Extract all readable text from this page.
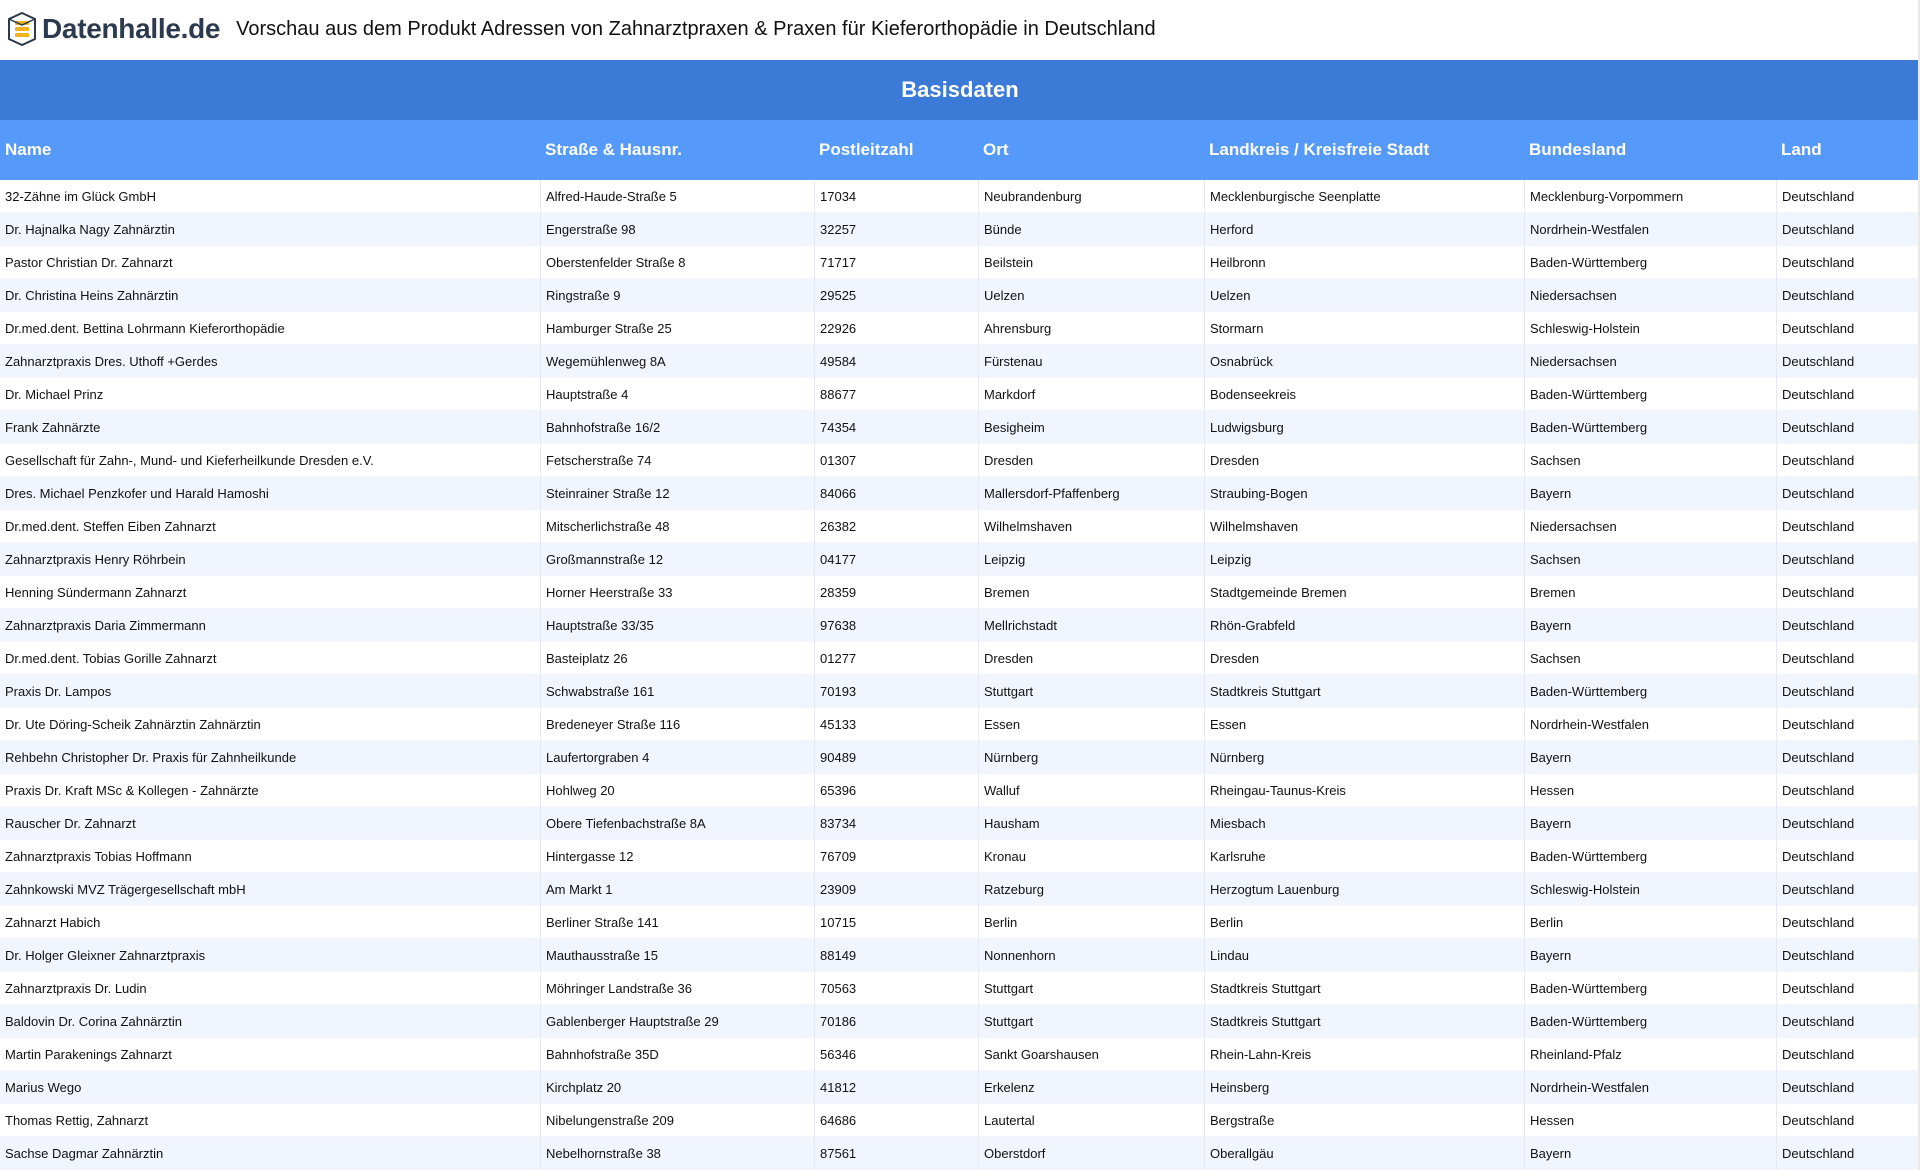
Datenhalle.de Vorschau aus dem Produkt Adressen von Zahnarztpraxen & Praxen für Kieferorthopädie in Deutschland
Basisdaten
Name	Straße & Hausnr.	Postleitzahl	Ort	Landkreis / Kreisfreie Stadt	Bundesland	Land
32-Zähne im Glück GmbH	Alfred-Haude-Straße 5	17034	Neubrandenburg	Mecklenburgische Seenplatte	Mecklenburg-Vorpommern	Deutschland
Dr. Hajnalka Nagy Zahnärztin	Engerstraße 98	32257	Bünde	Herford	Nordrhein-Westfalen	Deutschland
Pastor Christian Dr. Zahnarzt	Oberstenfelder Straße 8	71717	Beilstein	Heilbronn	Baden-Württemberg	Deutschland
Dr. Christina Heins Zahnärztin	Ringstraße 9	29525	Uelzen	Uelzen	Niedersachsen	Deutschland
Dr.med.dent. Bettina Lohrmann Kieferorthopädie	Hamburger Straße 25	22926	Ahrensburg	Stormarn	Schleswig-Holstein	Deutschland
Zahnarztpraxis Dres. Uthoff +Gerdes	Wegemühlenweg 8A	49584	Fürstenau	Osnabrück	Niedersachsen	Deutschland
Dr. Michael Prinz	Hauptstraße 4	88677	Markdorf	Bodenseekreis	Baden-Württemberg	Deutschland
Frank Zahnärzte	Bahnhofstraße 16/2	74354	Besigheim	Ludwigsburg	Baden-Württemberg	Deutschland
Gesellschaft für Zahn-, Mund- und Kieferheilkunde Dresden e.V.	Fetscherstraße 74	01307	Dresden	Dresden	Sachsen	Deutschland
Dres. Michael Penzkofer und Harald Hamoshi	Steinrainer Straße 12	84066	Mallersdorf-Pfaffenberg	Straubing-Bogen	Bayern	Deutschland
Dr.med.dent. Steffen Eiben Zahnarzt	Mitscherlichstraße 48	26382	Wilhelmshaven	Wilhelmshaven	Niedersachsen	Deutschland
Zahnarztpraxis Henry Röhrbein	Großmannstraße 12	04177	Leipzig	Leipzig	Sachsen	Deutschland
Henning Sündermann Zahnarzt	Horner Heerstraße 33	28359	Bremen	Stadtgemeinde Bremen	Bremen	Deutschland
Zahnarztpraxis Daria Zimmermann	Hauptstraße 33/35	97638	Mellrichstadt	Rhön-Grabfeld	Bayern	Deutschland
Dr.med.dent. Tobias Gorille Zahnarzt	Basteiplatz 26	01277	Dresden	Dresden	Sachsen	Deutschland
Praxis Dr. Lampos	Schwabstraße 161	70193	Stuttgart	Stadtkreis Stuttgart	Baden-Württemberg	Deutschland
Dr. Ute Döring-Scheik Zahnärztin Zahnärztin	Bredeneyer Straße 116	45133	Essen	Essen	Nordrhein-Westfalen	Deutschland
Rehbehn Christopher Dr. Praxis für Zahnheilkunde	Laufertorgraben 4	90489	Nürnberg	Nürnberg	Bayern	Deutschland
Praxis Dr. Kraft MSc & Kollegen - Zahnärzte	Hohlweg 20	65396	Walluf	Rheingau-Taunus-Kreis	Hessen	Deutschland
Rauscher Dr. Zahnarzt	Obere Tiefenbachstraße 8A	83734	Hausham	Miesbach	Bayern	Deutschland
Zahnarztpraxis Tobias Hoffmann	Hintergasse 12	76709	Kronau	Karlsruhe	Baden-Württemberg	Deutschland
Zahnkowski MVZ Trägergesellschaft mbH	Am Markt 1	23909	Ratzeburg	Herzogtum Lauenburg	Schleswig-Holstein	Deutschland
Zahnarzt Habich	Berliner Straße 141	10715	Berlin	Berlin	Berlin	Deutschland
Dr. Holger Gleixner Zahnarztpraxis	Mauthausstraße 15	88149	Nonnenhorn	Lindau	Bayern	Deutschland
Zahnarztpraxis Dr. Ludin	Möhringer Landstraße 36	70563	Stuttgart	Stadtkreis Stuttgart	Baden-Württemberg	Deutschland
Baldovin Dr. Corina Zahnärztin	Gablenberger Hauptstraße 29	70186	Stuttgart	Stadtkreis Stuttgart	Baden-Württemberg	Deutschland
Martin Parakenings Zahnarzt	Bahnhofstraße 35D	56346	Sankt Goarshausen	Rhein-Lahn-Kreis	Rheinland-Pfalz	Deutschland
Marius Wego	Kirchplatz 20	41812	Erkelenz	Heinsberg	Nordrhein-Westfalen	Deutschland
Thomas Rettig, Zahnarzt	Nibelungenstraße 209	64686	Lautertal	Bergstraße	Hessen	Deutschland
Sachse Dagmar Zahnärztin	Nebelhornstraße 38	87561	Oberstdorf	Oberallgäu	Bayern	Deutschland
